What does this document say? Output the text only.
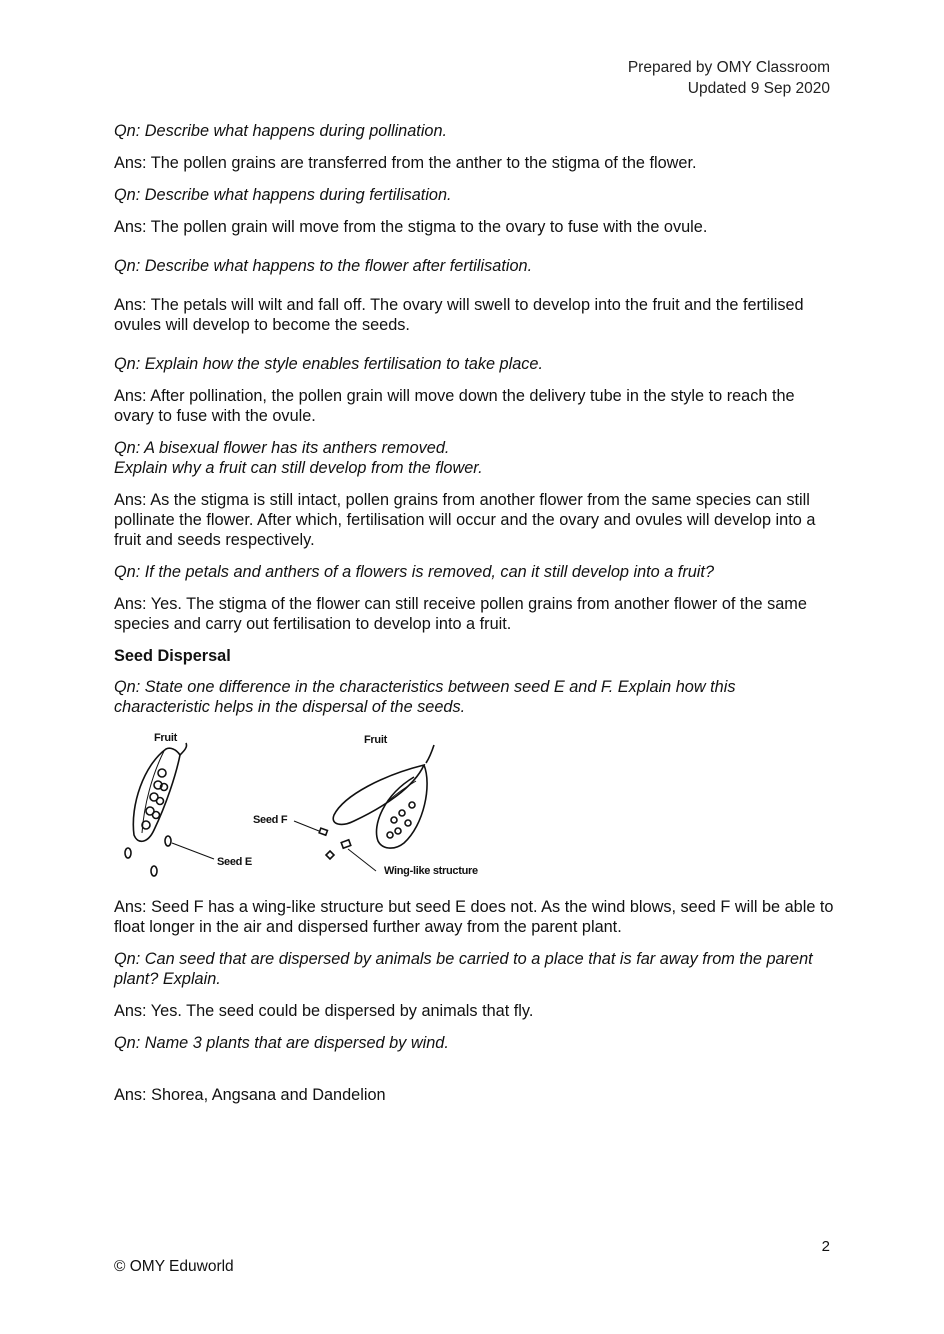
Prepared by OMY Classroom
Updated 9 Sep 2020

Qn: Describe what happens during pollination.

Ans: The pollen grains are transferred from the anther to the stigma of the flower.

Qn: Describe what happens during fertilisation.

Ans: The pollen grain will move from the stigma to the ovary to fuse with the ovule.

Qn: Describe what happens to the flower after fertilisation.

Ans: The petals will wilt and fall off. The ovary will swell to develop into the fruit and the fertilised ovules will develop to become the seeds.

Qn: Explain how the style enables fertilisation to take place.

Ans: After pollination, the pollen grain will move down the delivery tube in the style to reach the ovary to fuse with the ovule.

Qn: A bisexual flower has its anthers removed.
Explain why a fruit can still develop from the flower.

Ans: As the stigma is still intact, pollen grains from another flower from the same species can still pollinate the flower. After which, fertilisation will occur and the ovary and ovules will develop into a fruit and seeds respectively.

Qn: If the petals and anthers of a flowers is removed, can it still develop into a fruit?

Ans: Yes. The stigma of the flower can still receive pollen grains from another flower of the same species and carry out fertilisation to develop into a fruit.

Seed Dispersal

Qn: State one difference in the characteristics between seed E and F. Explain how this characteristic helps in the dispersal of the seeds.

Fruit	Fruit
Seed F
Seed E
Wing-like structure

Ans: Seed F has a wing-like structure but seed E does not. As the wind blows, seed F will be able to float longer in the air and dispersed further away from the parent plant.

Qn: Can seed that are dispersed by animals be carried to a place that is far away from the parent plant? Explain.

Ans: Yes. The seed could be dispersed by animals that fly.

Qn: Name 3 plants that are dispersed by wind.

Ans: Shorea, Angsana and Dandelion

2
© OMY Eduworld
